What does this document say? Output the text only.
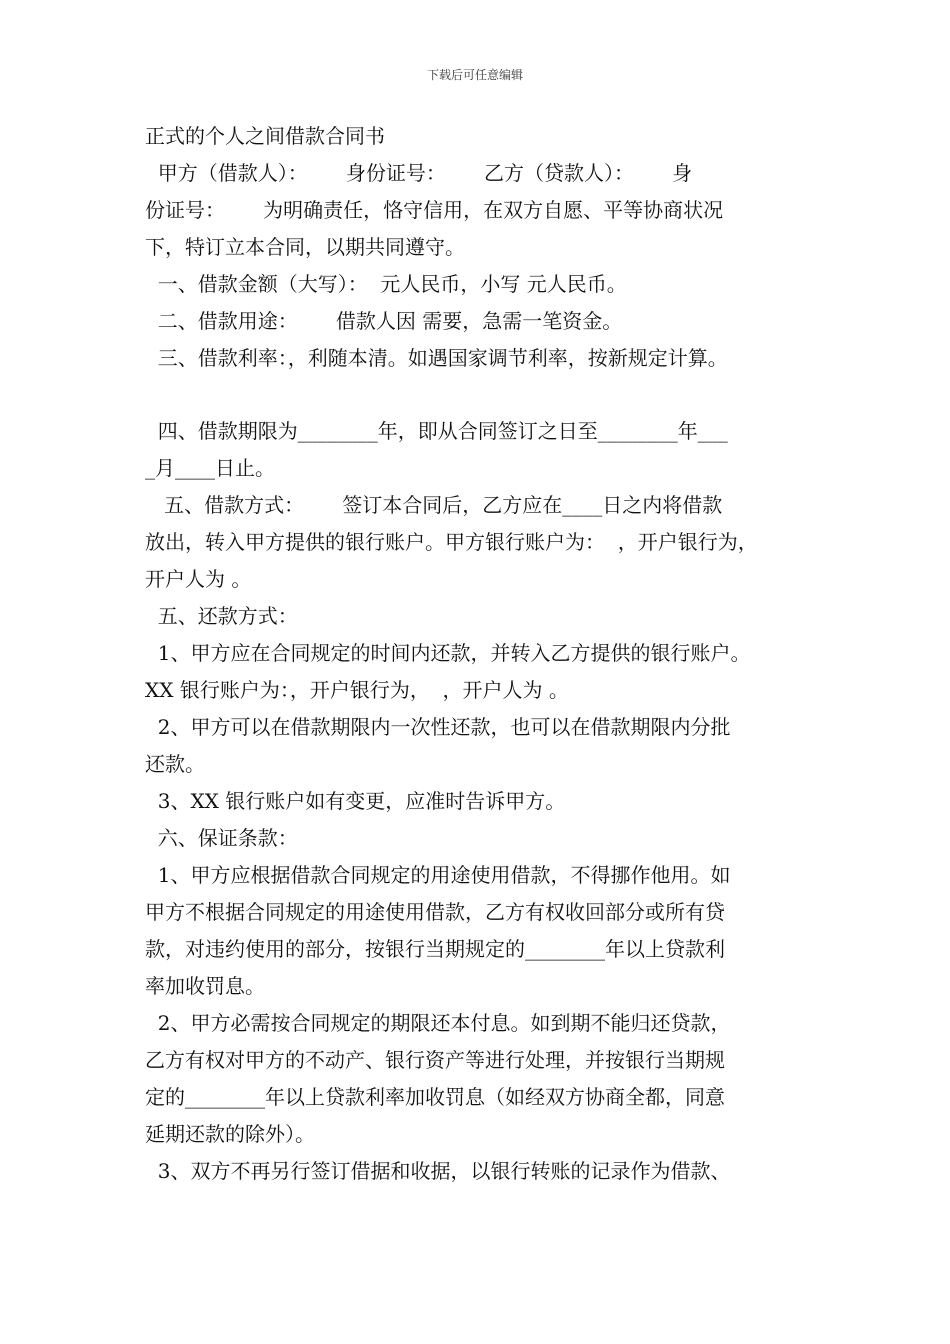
下载后可任意编辑
正式的个人之间借款合同书
甲方（借款人）：      身份证号：      乙方（贷款人）：      身
份证号：      为明确责任，恪守信用，在双方自愿、平等协商状况
下，特订立本合同，以期共同遵守。
一、借款金额（大写）：  元人民币，小写 元人民币。
二、借款用途：      借款人因 需要，急需一笔资金。
三、借款利率：，利随本清。如遇国家调节利率，按新规定计算。
四、借款期限为________年，即从合同签订之日至________年___
_月____日止。
五、借款方式：      签订本合同后，乙方应在____日之内将借款
放出，转入甲方提供的银行账户。甲方银行账户为：  ，开户银行为，
开户人为 。
五、还款方式：
1、甲方应在合同规定的时间内还款，并转入乙方提供的银行账户。
XX 银行账户为：，开户银行为，  ，开户人为 。
2、甲方可以在借款期限内一次性还款，也可以在借款期限内分批
还款。
3、XX 银行账户如有变更，应准时告诉甲方。
六、保证条款：
1、甲方应根据借款合同规定的用途使用借款，不得挪作他用。如
甲方不根据合同规定的用途使用借款，乙方有权收回部分或所有贷
款，对违约使用的部分，按银行当期规定的________年以上贷款利
率加收罚息。
2、甲方必需按合同规定的期限还本付息。如到期不能归还贷款，
乙方有权对甲方的不动产、银行资产等进行处理，并按银行当期规
定的________年以上贷款利率加收罚息（如经双方协商全都，同意
延期还款的除外）。
3、双方不再另行签订借据和收据，以银行转账的记录作为借款、
